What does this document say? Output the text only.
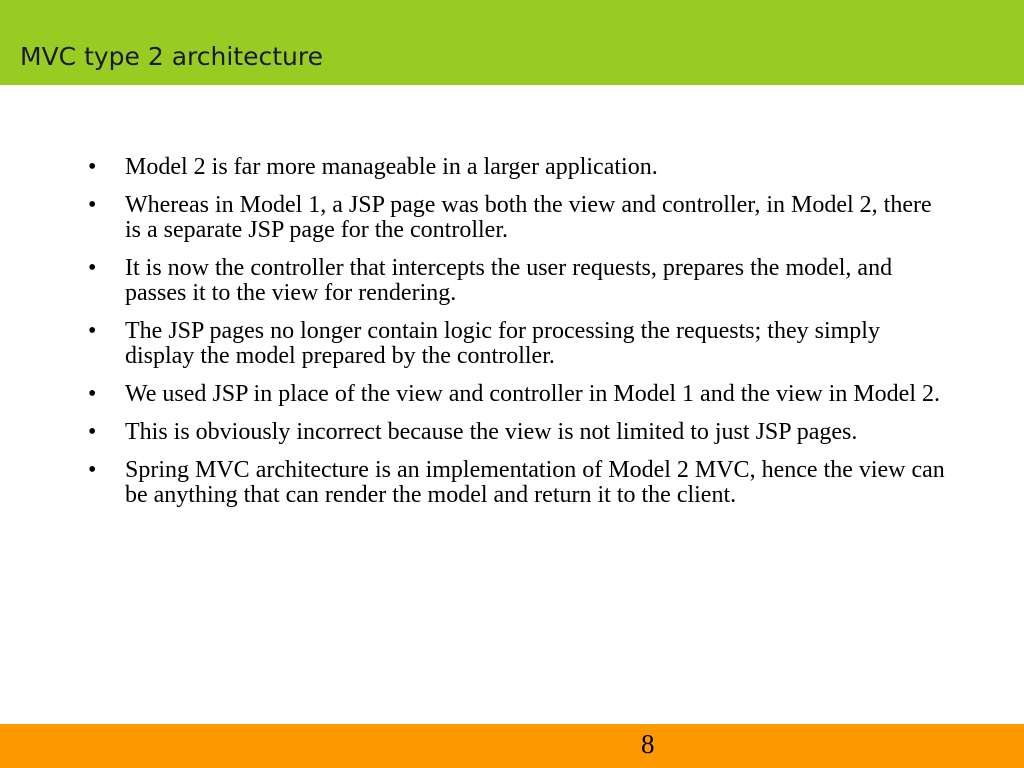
MVC type 2 architecture
• Model 2 is far more manageable in a larger application.
• Whereas in Model 1, a JSP page was both the view and controller, in Model 2, there is a separate JSP page for the controller.
• It is now the controller that intercepts the user requests, prepares the model, and passes it to the view for rendering.
• The JSP pages no longer contain logic for processing the requests; they simply display the model prepared by the controller.
• We used JSP in place of the view and controller in Model 1 and the view in Model 2.
• This is obviously incorrect because the view is not limited to just JSP pages.
• Spring MVC architecture is an implementation of Model 2 MVC, hence the view can be anything that can render the model and return it to the client.
8
